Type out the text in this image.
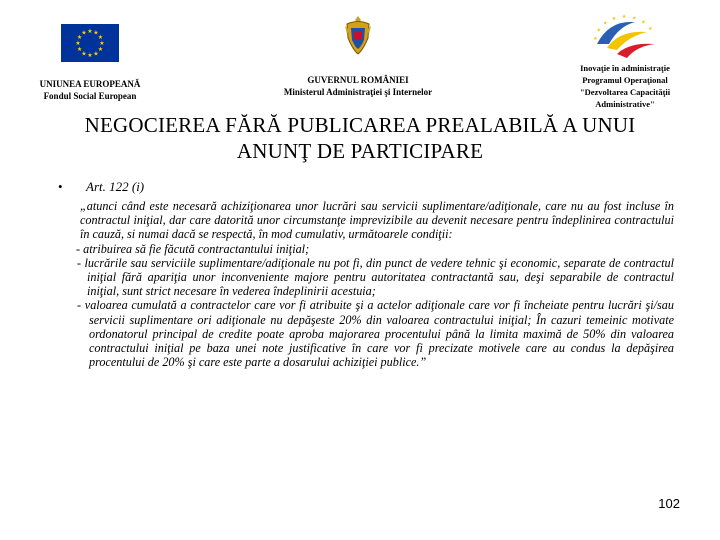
★ ★
★
★
★
★
★
★
★
★
★
★
UNIUNEA EUROPEANĂ
Fondul Social European
GUVERNUL ROMÂNIEI
Ministerul Administraţiei şi Internelor
★
★
★
★ ★ ★
★
★
Inovaţie în administraţie
Programul Operaţional
"Dezvoltarea Capacităţii
Administrative"
NEGOCIEREA FĂRĂ PUBLICAREA PREALABILĂ A UNUI
ANUNŢ DE PARTICIPARE
• Art. 122 (i)

„atunci când este necesară achiziţionarea unor lucrări sau servicii suplimentare/adiţionale, care nu au fost incluse în contractul iniţial, dar care datorită unor circumstanţe imprevizibile au devenit necesare pentru îndeplinirea contractului în cauză, si numai dacă se respectă, în mod cumulativ, următoarele condiţii:

- atribuirea să fie făcută contractantului iniţial;

- lucrările sau serviciile suplimentare/adiţionale nu pot fi, din punct de vedere tehnic şi economic, separate de contractul iniţial fără apariţia unor inconveniente majore pentru autoritatea contractantă sau, deşi separabile de contractul iniţial, sunt strict necesare în vederea îndeplinirii acestuia;

- valoarea cumulată a contractelor care vor fi atribuite şi a actelor adiţionale care vor fi încheiate pentru lucrări şi/sau servicii suplimentare ori adiţionale nu depăşeste 20% din valoarea contractului iniţial; În cazuri temeinic motivate ordonatorul principal de credite poate aproba majorarea procentului până la limita maximă de 50% din valoarea contractului iniţial pe baza unei note justificative în care vor fi precizate motivele care au condus la depăşirea procentului de 20% şi care este parte a dosarului achiziţiei publice.”

102
